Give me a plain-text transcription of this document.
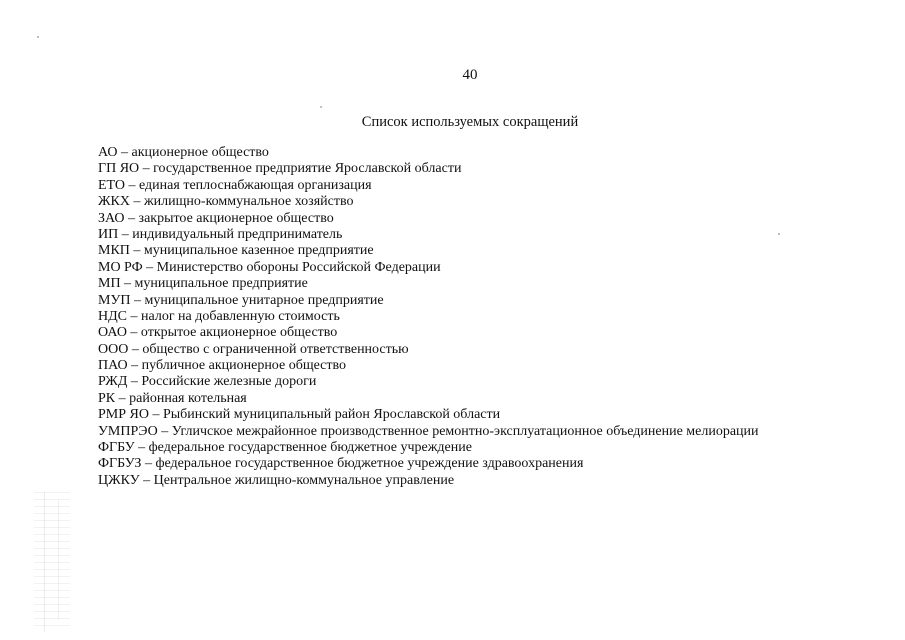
40
Список используемых сокращений
АО – акционерное общество
ГП ЯО – государственное предприятие Ярославской области
ЕТО – единая теплоснабжающая организация
ЖКХ – жилищно-коммунальное хозяйство
ЗАО – закрытое акционерное общество
ИП – индивидуальный предприниматель
МКП – муниципальное казенное предприятие
МО РФ – Министерство обороны Российской Федерации
МП – муниципальное предприятие
МУП – муниципальное унитарное предприятие
НДС – налог на добавленную стоимость
ОАО – открытое акционерное общество
ООО – общество с ограниченной ответственностью
ПАО – публичное акционерное общество
РЖД – Российские железные дороги
РК – районная котельная
РМР ЯО – Рыбинский муниципальный район Ярославской области
УМПРЭО – Угличское межрайонное производственное ремонтно-эксплуатационное объединение мелиорации
ФГБУ – федеральное государственное бюджетное учреждение
ФГБУЗ – федеральное государственное бюджетное учреждение здравоохранения
ЦЖКУ – Центральное жилищно-коммунальное управление
